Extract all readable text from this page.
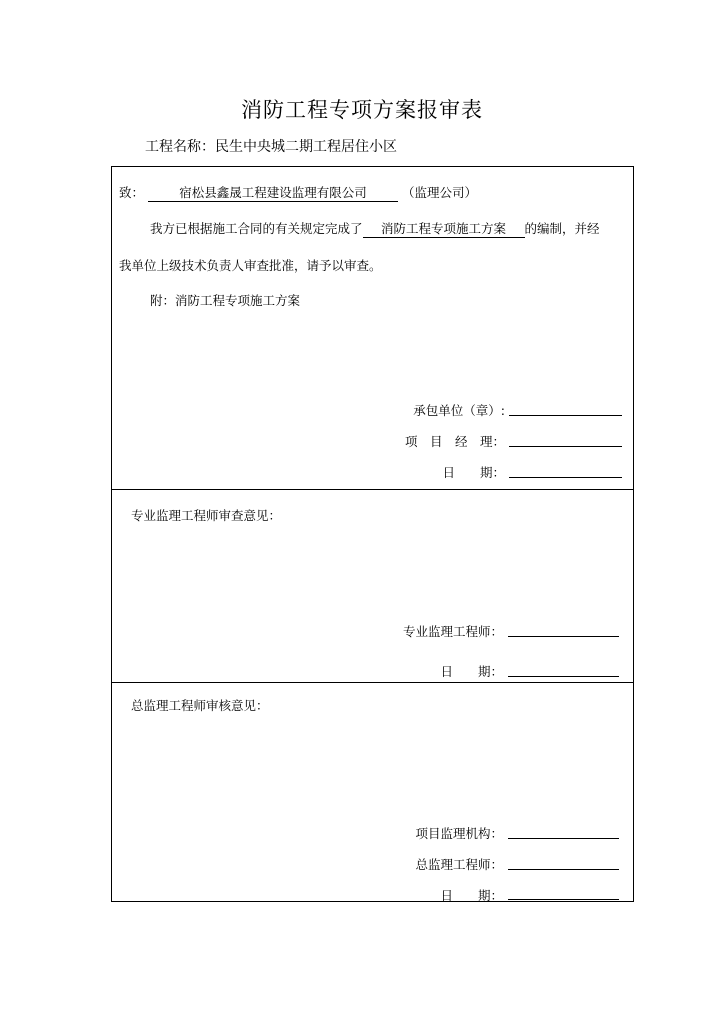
消防工程专项方案报审表
工程名称：民生中央城二期工程居住小区
致：	宿松县鑫晟工程建设监理有限公司	（监理公司）
我方已根据施工合同的有关规定完成了 消防工程专项施工方案 的编制，并经
我单位上级技术负责人审查批准，请予以审查。
附：消防工程专项施工方案
承包单位（章）:
项　目　经　理：
日　　期：
专业监理工程师审查意见：
专业监理工程师：
日　　期：
总监理工程师审核意见：
项目监理机构：
总监理工程师：
日　　期：
